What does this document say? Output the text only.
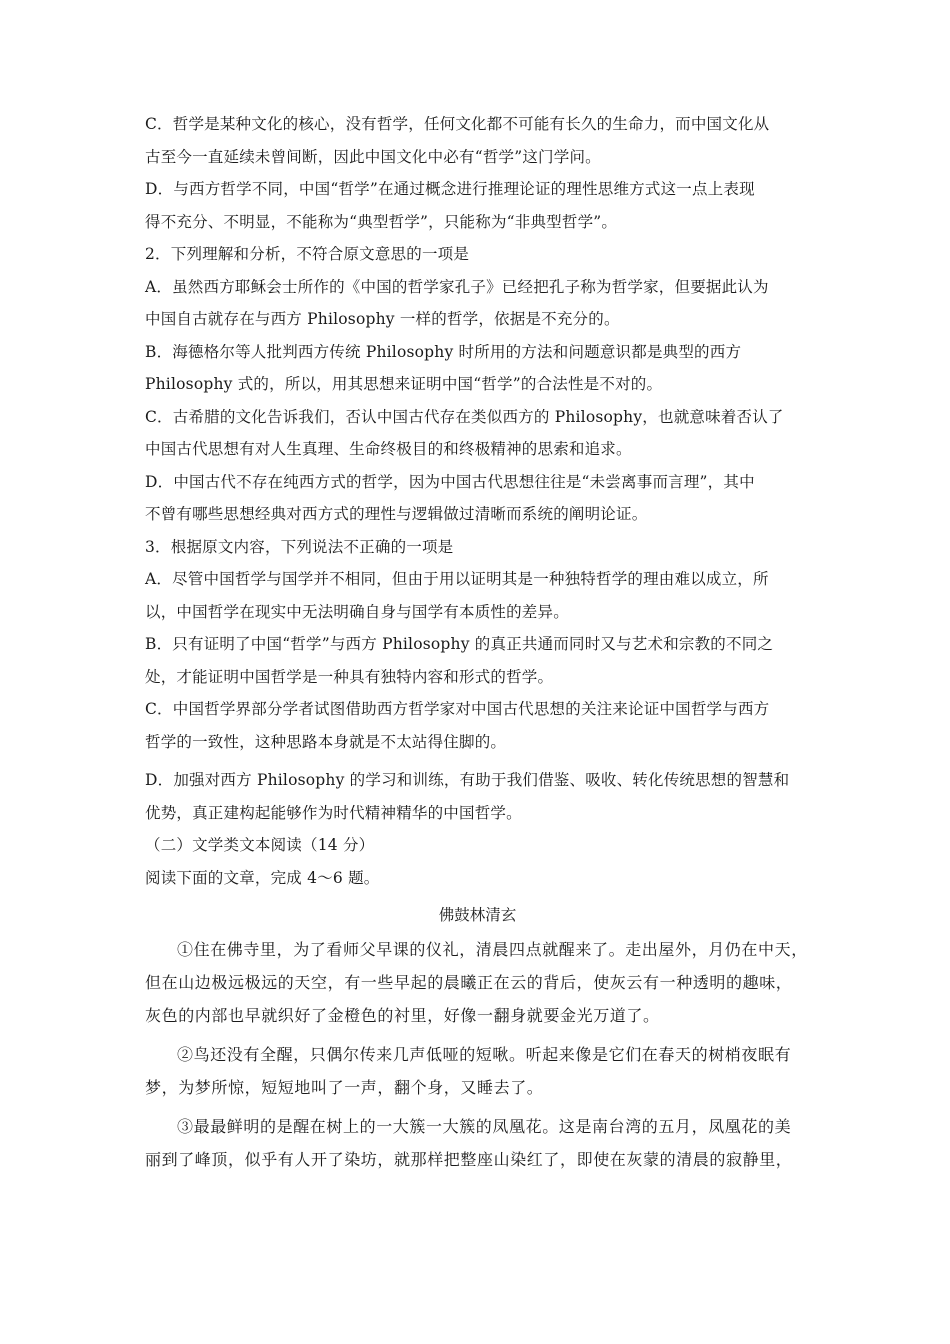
C．哲学是某种文化的核心，没有哲学，任何文化都不可能有长久的生命力，而中国文化从
古至今一直延续未曾间断，因此中国文化中必有“哲学”这门学问。
D．与西方哲学不同，中国“哲学”在通过概念进行推理论证的理性思维方式这一点上表现
得不充分、不明显，不能称为“典型哲学”，只能称为“非典型哲学”。
2．下列理解和分析，不符合原文意思的一项是
A．虽然西方耶稣会士所作的《中国的哲学家孔子》已经把孔子称为哲学家，但要据此认为
中国自古就存在与西方 Philosophy 一样的哲学，依据是不充分的。
B．海德格尔等人批判西方传统 Philosophy 时所用的方法和问题意识都是典型的西方
Philosophy 式的，所以，用其思想来证明中国“哲学”的合法性是不对的。
C．古希腊的文化告诉我们，否认中国古代存在类似西方的 Philosophy，也就意味着否认了
中国古代思想有对人生真理、生命终极目的和终极精神的思索和追求。
D．中国古代不存在纯西方式的哲学，因为中国古代思想往往是“未尝离事而言理”，其中
不曾有哪些思想经典对西方式的理性与逻辑做过清晰而系统的阐明论证。
3．根据原文内容，下列说法不正确的一项是
A．尽管中国哲学与国学并不相同，但由于用以证明其是一种独特哲学的理由难以成立，所
以，中国哲学在现实中无法明确自身与国学有本质性的差异。
B．只有证明了中国“哲学”与西方 Philosophy 的真正共通而同时又与艺术和宗教的不同之
处，才能证明中国哲学是一种具有独特内容和形式的哲学。
C．中国哲学界部分学者试图借助西方哲学家对中国古代思想的关注来论证中国哲学与西方
哲学的一致性，这种思路本身就是不太站得住脚的。
D．加强对西方 Philosophy 的学习和训练，有助于我们借鉴、吸收、转化传统思想的智慧和
优势，真正建构起能够作为时代精神精华的中国哲学。
（二）文学类文本阅读（14 分）
阅读下面的文章，完成 4～6 题。
佛鼓林清玄
①住在佛寺里，为了看师父早课的仪礼，清晨四点就醒来了。走出屋外，月仍在中天，
但在山边极远极远的天空，有一些早起的晨曦正在云的背后，使灰云有一种透明的趣味，
灰色的内部也早就织好了金橙色的衬里，好像一翻身就要金光万道了。
②鸟还没有全醒，只偶尔传来几声低哑的短啾。听起来像是它们在春天的树梢夜眠有
梦，为梦所惊，短短地叫了一声，翻个身，又睡去了。
③最最鲜明的是醒在树上的一大簇一大簇的凤凰花。这是南台湾的五月，凤凰花的美
丽到了峰顶，似乎有人开了染坊，就那样把整座山染红了，即使在灰蒙的清晨的寂静里，
